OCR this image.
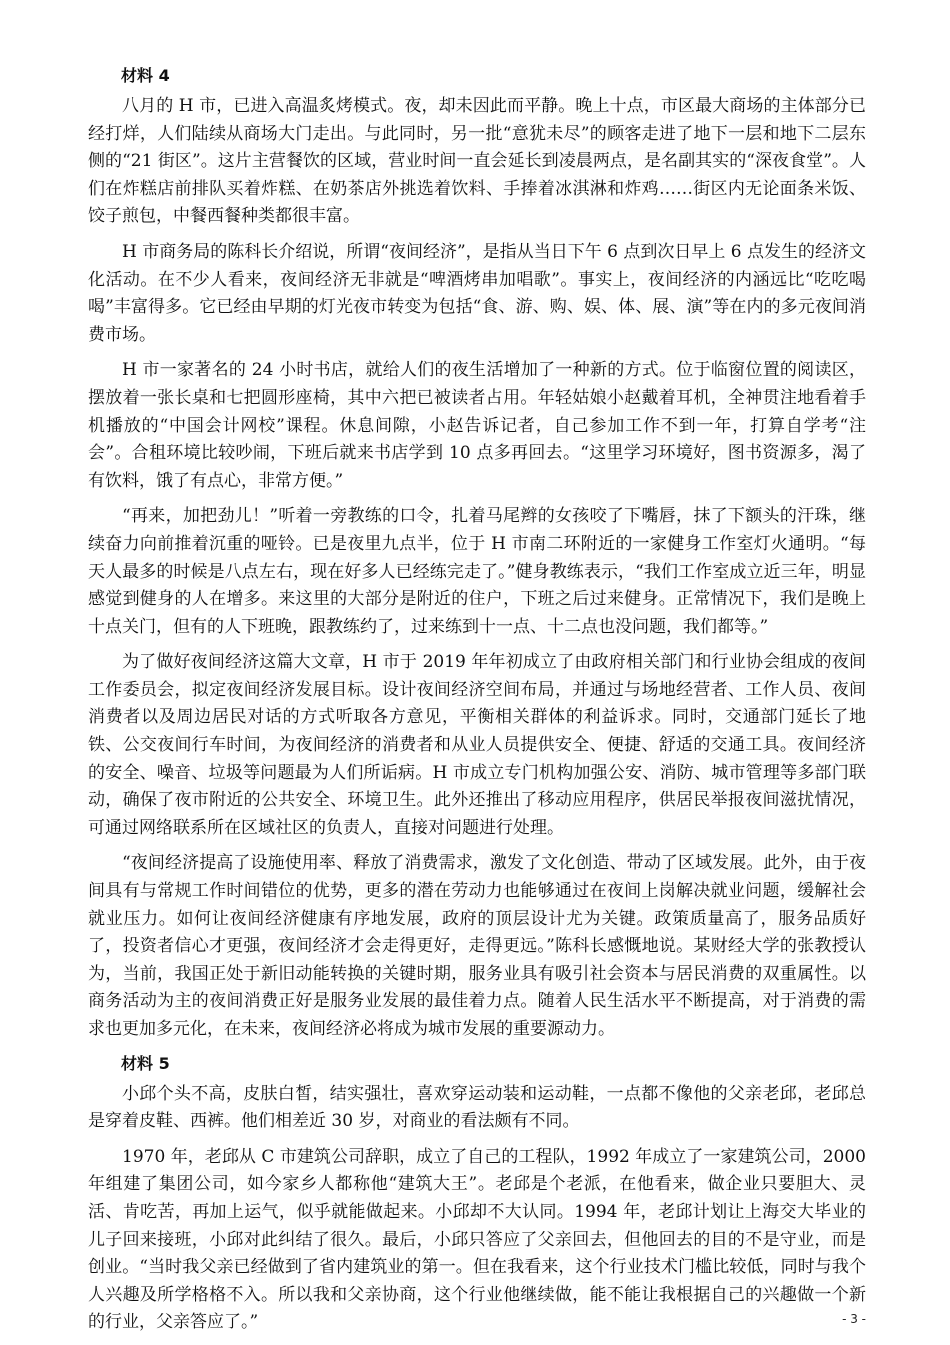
材料 4

八月的 H 市，已进入高温炙烤模式。夜，却未因此而平静。晚上十点，市区最大商场的主体部分已经打烊，人们陆续从商场大门走出。与此同时，另一批“意犹未尽”的顾客走进了地下一层和地下二层东侧的“21 街区”。这片主营餐饮的区域，营业时间一直会延长到凌晨两点，是名副其实的“深夜食堂”。人们在炸糕店前排队买着炸糕、在奶茶店外挑选着饮料、手捧着冰淇淋和炸鸡……街区内无论面条米饭、饺子煎包，中餐西餐种类都很丰富。

H 市商务局的陈科长介绍说，所谓“夜间经济”，是指从当日下午 6 点到次日早上 6 点发生的经济文化活动。在不少人看来，夜间经济无非就是“啤酒烤串加唱歌”。事实上，夜间经济的内涵远比“吃吃喝喝”丰富得多。它已经由早期的灯光夜市转变为包括“食、游、购、娱、体、展、演”等在内的多元夜间消费市场。

H 市一家著名的 24 小时书店，就给人们的夜生活增加了一种新的方式。位于临窗位置的阅读区，摆放着一张长桌和七把圆形座椅，其中六把已被读者占用。年轻姑娘小赵戴着耳机，全神贯注地看着手机播放的“中国会计网校”课程。休息间隙，小赵告诉记者，自己参加工作不到一年，打算自学考“注会”。合租环境比较吵闹，下班后就来书店学到 10 点多再回去。“这里学习环境好，图书资源多，渴了有饮料，饿了有点心，非常方便。”

“再来，加把劲儿！”听着一旁教练的口令，扎着马尾辫的女孩咬了下嘴唇，抹了下额头的汗珠，继续奋力向前推着沉重的哑铃。已是夜里九点半，位于 H 市南二环附近的一家健身工作室灯火通明。“每天人最多的时候是八点左右，现在好多人已经练完走了。”健身教练表示，“我们工作室成立近三年，明显感觉到健身的人在增多。来这里的大部分是附近的住户，下班之后过来健身。正常情况下，我们是晚上十点关门，但有的人下班晚，跟教练约了，过来练到十一点、十二点也没问题，我们都等。”

为了做好夜间经济这篇大文章，H 市于 2019 年年初成立了由政府相关部门和行业协会组成的夜间工作委员会，拟定夜间经济发展目标。设计夜间经济空间布局，并通过与场地经营者、工作人员、夜间消费者以及周边居民对话的方式听取各方意见，平衡相关群体的利益诉求。同时，交通部门延长了地铁、公交夜间行车时间，为夜间经济的消费者和从业人员提供安全、便捷、舒适的交通工具。夜间经济的安全、噪音、垃圾等问题最为人们所诟病。H 市成立专门机构加强公安、消防、城市管理等多部门联动，确保了夜市附近的公共安全、环境卫生。此外还推出了移动应用程序，供居民举报夜间滋扰情况，可通过网络联系所在区域社区的负责人，直接对问题进行处理。

“夜间经济提高了设施使用率、释放了消费需求，激发了文化创造、带动了区域发展。此外，由于夜间具有与常规工作时间错位的优势，更多的潜在劳动力也能够通过在夜间上岗解决就业问题，缓解社会就业压力。如何让夜间经济健康有序地发展，政府的顶层设计尤为关键。政策质量高了，服务品质好了，投资者信心才更强，夜间经济才会走得更好，走得更远。”陈科长感慨地说。某财经大学的张教授认为，当前，我国正处于新旧动能转换的关键时期，服务业具有吸引社会资本与居民消费的双重属性。以商务活动为主的夜间消费正好是服务业发展的最佳着力点。随着人民生活水平不断提高，对于消费的需求也更加多元化，在未来，夜间经济必将成为城市发展的重要源动力。

材料 5

小邱个头不高，皮肤白皙，结实强壮，喜欢穿运动装和运动鞋，一点都不像他的父亲老邱，老邱总是穿着皮鞋、西裤。他们相差近 30 岁，对商业的看法颇有不同。

1970 年，老邱从 C 市建筑公司辞职，成立了自己的工程队，1992 年成立了一家建筑公司，2000 年组建了集团公司，如今家乡人都称他“建筑大王”。老邱是个老派，在他看来，做企业只要胆大、灵活、肯吃苦，再加上运气，似乎就能做起来。小邱却不大认同。1994 年，老邱计划让上海交大毕业的儿子回来接班，小邱对此纠结了很久。最后，小邱只答应了父亲回去，但他回去的目的不是守业，而是创业。“当时我父亲已经做到了省内建筑业的第一。但在我看来，这个行业技术门槛比较低，同时与我个人兴趣及所学格格不入。所以我和父亲协商，这个行业他继续做，能不能让我根据自己的兴趣做一个新的行业，父亲答应了。”	- 3 -
